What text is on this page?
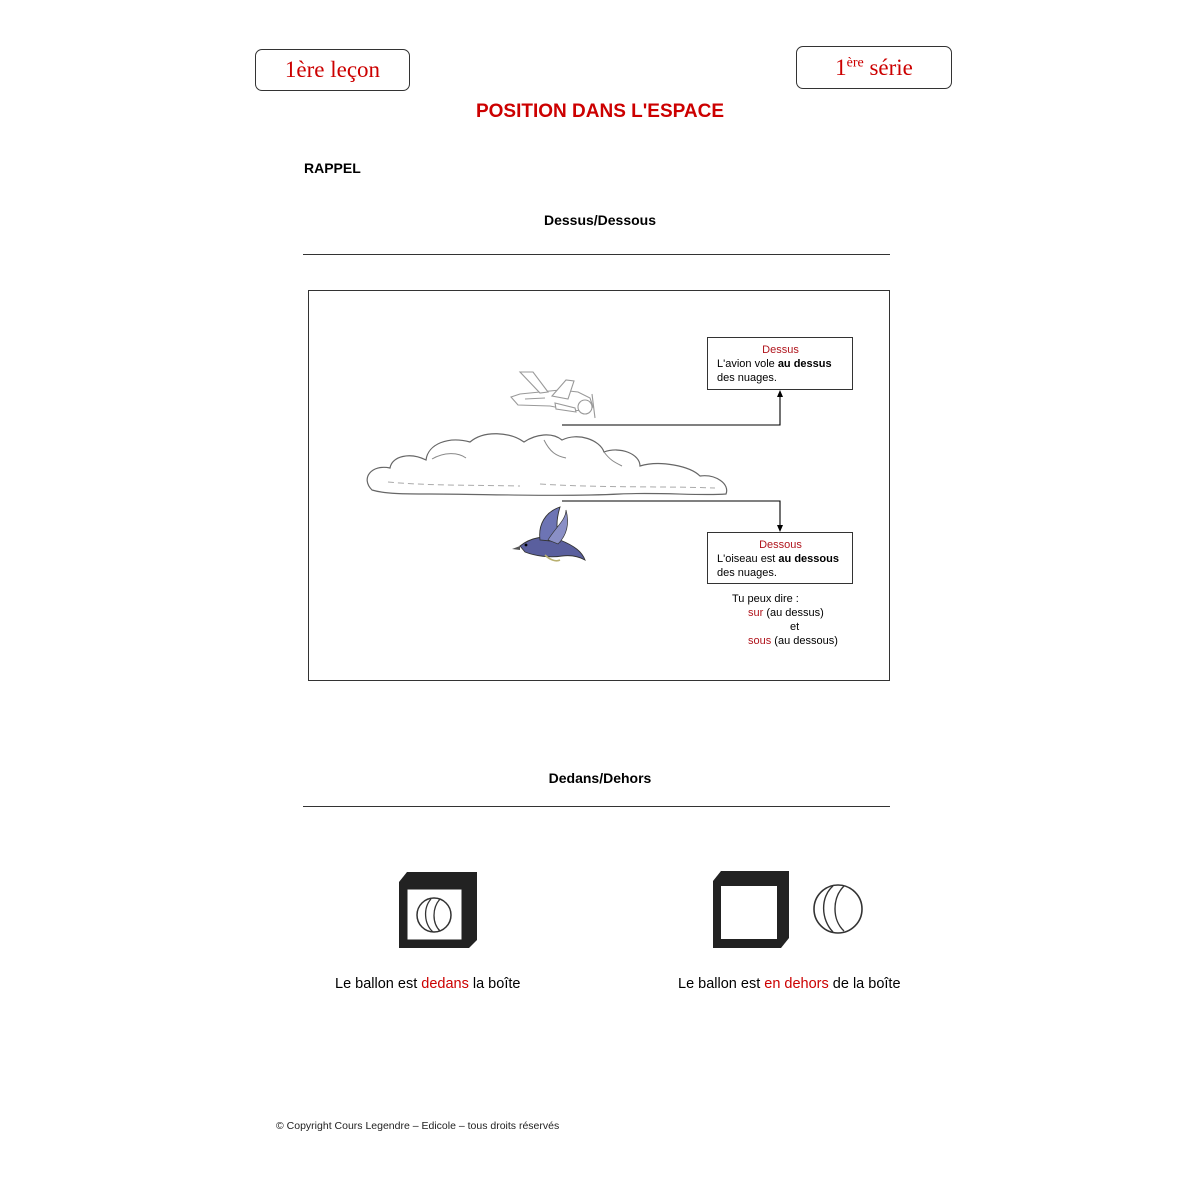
1ère leçon	1ère série
POSITION DANS L'ESPACE
RAPPEL
Dessus/Dessous
Dessus
L'avion vole au dessus
des nuages.
Dessous
L'oiseau est au dessous
des nuages.
Tu peux dire :
sur (au dessus)
et
sous (au dessous)
Dedans/Dehors
Le ballon est dedans la boîte	Le ballon est en dehors de la boîte
© Copyright Cours Legendre – Edicole – tous droits réservés
